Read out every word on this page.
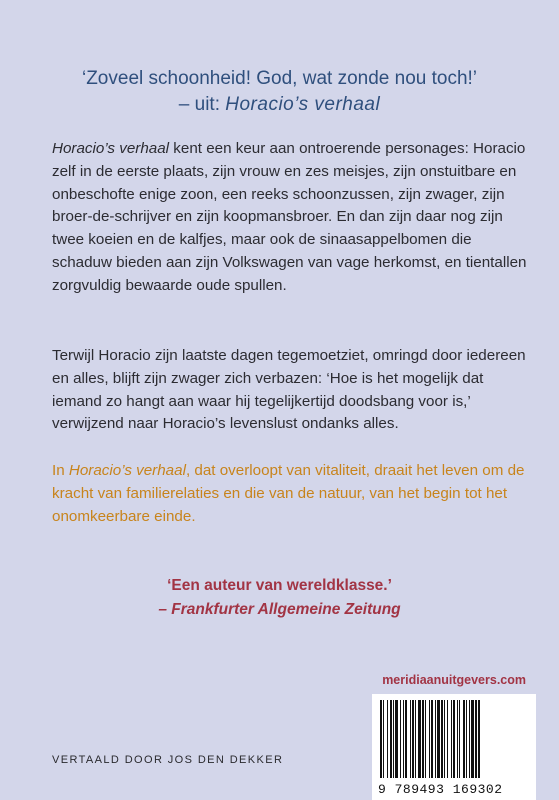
‘Zoveel schoonheid! God, wat zonde nou toch!’
– uit: Horacio’s verhaal
Horacio’s verhaal kent een keur aan ontroerende personages: Horacio zelf in de eerste plaats, zijn vrouw en zes meisjes, zijn onstuitbare en onbeschofte enige zoon, een reeks schoonzussen, zijn zwager, zijn broer-de-schrijver en zijn koopmansbroer. En dan zijn daar nog zijn twee koeien en de kalfjes, maar ook de sinaasappelbomen die schaduw bieden aan zijn Volkswagen van vage herkomst, en tientallen zorgvuldig bewaarde oude spullen.
Terwijl Horacio zijn laatste dagen tegemoetziet, omringd door iedereen en alles, blijft zijn zwager zich verbazen: ‘Hoe is het mogelijk dat iemand zo hangt aan waar hij tegelijkertijd doodsbang voor is,’ verwijzend naar Horacio’s levenslust ondanks alles.
In Horacio’s verhaal, dat overloopt van vitaliteit, draait het leven om de kracht van familierelaties en die van de natuur, van het begin tot het onomkeerbare einde.
‘Een auteur van wereldklasse.’
– Frankfurter Allgemeine Zeitung
meridiaanuitgevers.com
VERTAALD DOOR JOS DEN DEKKER
9 789493 169302
